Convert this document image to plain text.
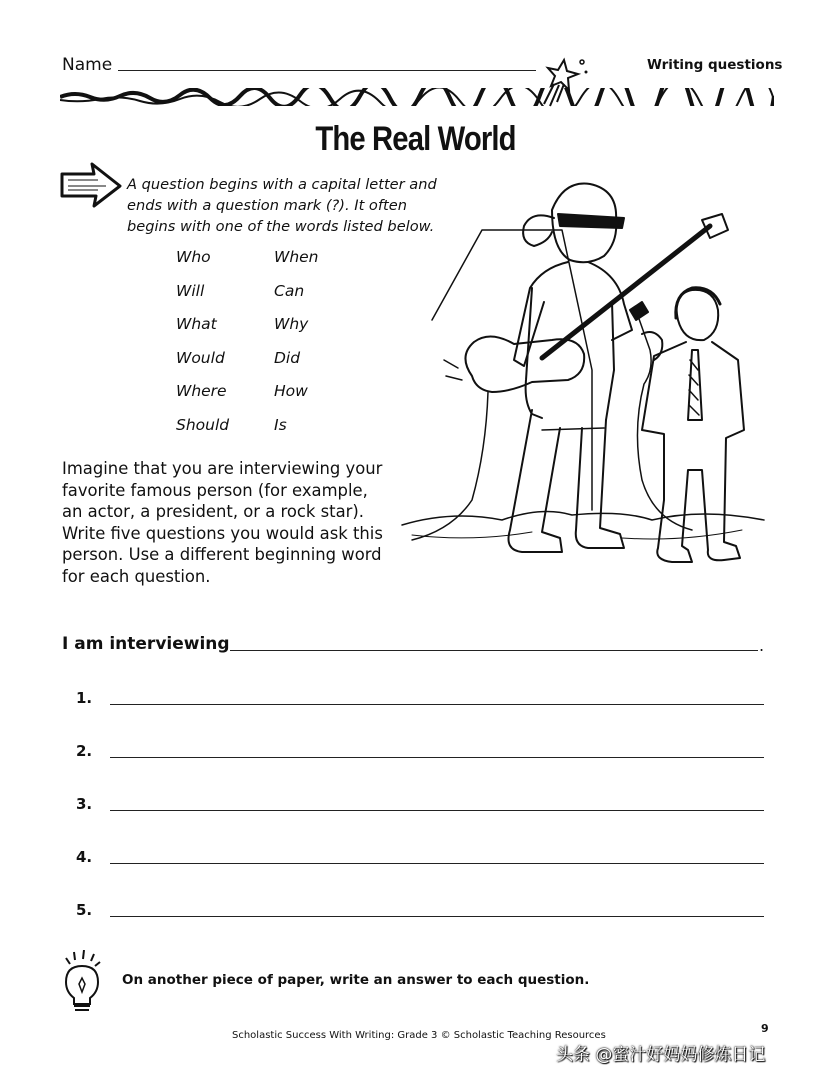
Name	Writing questions
The Real World
A question begins with a capital letter and ends with a question mark (?). It often begins with one of the words listed below.
Who	When
Will	Can
What	Why
Would	Did
Where	How
Should	Is
Imagine that you are interviewing your favorite famous person (for example, an actor, a president, or a rock star). Write five questions you would ask this person. Use a different beginning word for each question.
I am interviewing	.
1.
2.
3.
4.
5.
On another piece of paper, write an answer to each question.
Scholastic Success With Writing: Grade 3 © Scholastic Teaching Resources
9
头条 @蜜汁好妈妈修炼日记
